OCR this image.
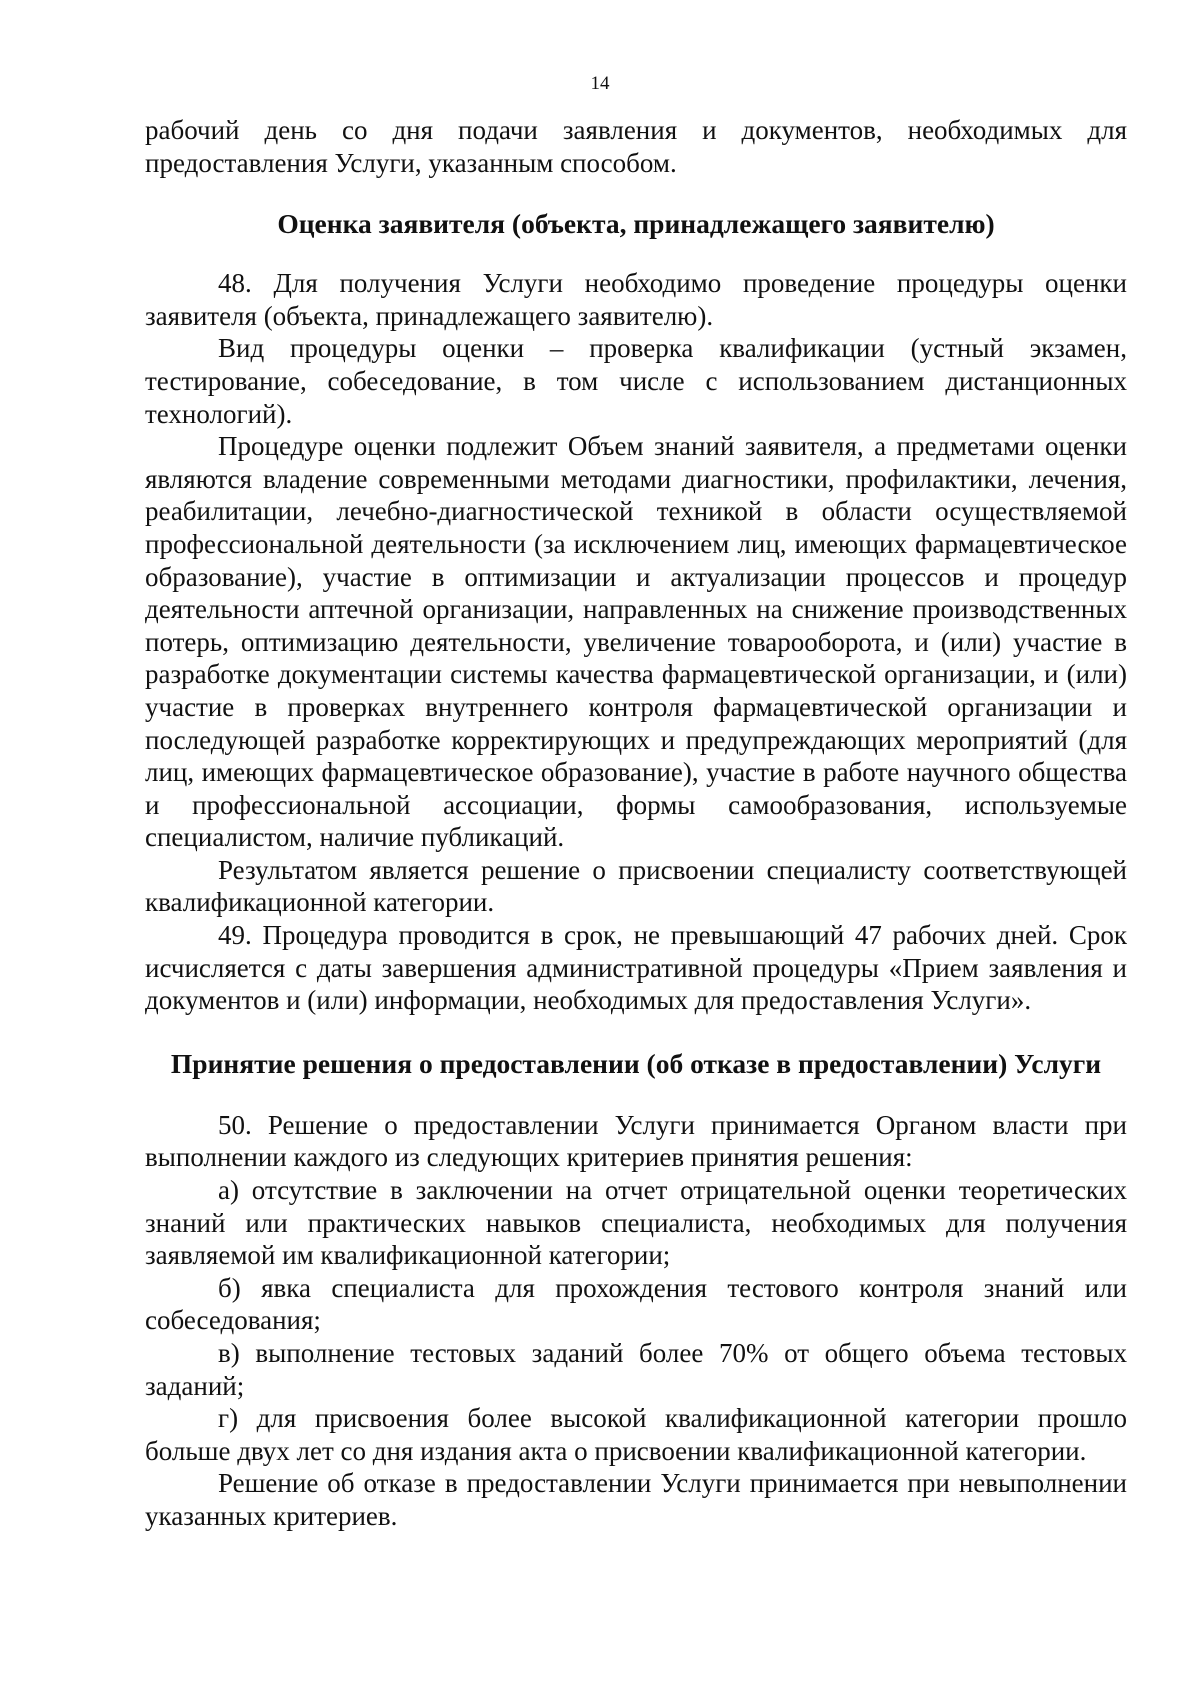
14

рабочий день со дня подачи заявления и документов, необходимых для предоставления Услуги, указанным способом.

Оценка заявителя (объекта, принадлежащего заявителю)

48. Для получения Услуги необходимо проведение процедуры оценки заявителя (объекта, принадлежащего заявителю).

Вид процедуры оценки – проверка квалификации (устный экзамен, тестирование, собеседование, в том числе с использованием дистанционных технологий).

Процедуре оценки подлежит Объем знаний заявителя, а предметами оценки являются владение современными методами диагностики, профилактики, лечения, реабилитации, лечебно-диагностической техникой в области осуществляемой профессиональной деятельности (за исключением лиц, имеющих фармацевтическое образование), участие в оптимизации и актуализации процессов и процедур деятельности аптечной организации, направленных на снижение производственных потерь, оптимизацию деятельности, увеличение товарооборота, и (или) участие в разработке документации системы качества фармацевтической организации, и (или) участие в проверках внутреннего контроля фармацевтической организации и последующей разработке корректирующих и предупреждающих мероприятий (для лиц, имеющих фармацевтическое образование), участие в работе научного общества и профессиональной ассоциации, формы самообразования, используемые специалистом, наличие публикаций.

Результатом является решение о присвоении специалисту соответствующей квалификационной категории.

49. Процедура проводится в срок, не превышающий 47 рабочих дней. Срок исчисляется с даты завершения административной процедуры «Прием заявления и документов и (или) информации, необходимых для предоставления Услуги».

Принятие решения о предоставлении (об отказе в предоставлении) Услуги

50. Решение о предоставлении Услуги принимается Органом власти при выполнении каждого из следующих критериев принятия решения:

а) отсутствие в заключении на отчет отрицательной оценки теоретических знаний или практических навыков специалиста, необходимых для получения заявляемой им квалификационной категории;

б) явка специалиста для прохождения тестового контроля знаний или собеседования;

в) выполнение тестовых заданий более 70% от общего объема тестовых заданий;

г) для присвоения более высокой квалификационной категории прошло больше двух лет со дня издания акта о присвоении квалификационной категории.

Решение об отказе в предоставлении Услуги принимается при невыполнении указанных критериев.
